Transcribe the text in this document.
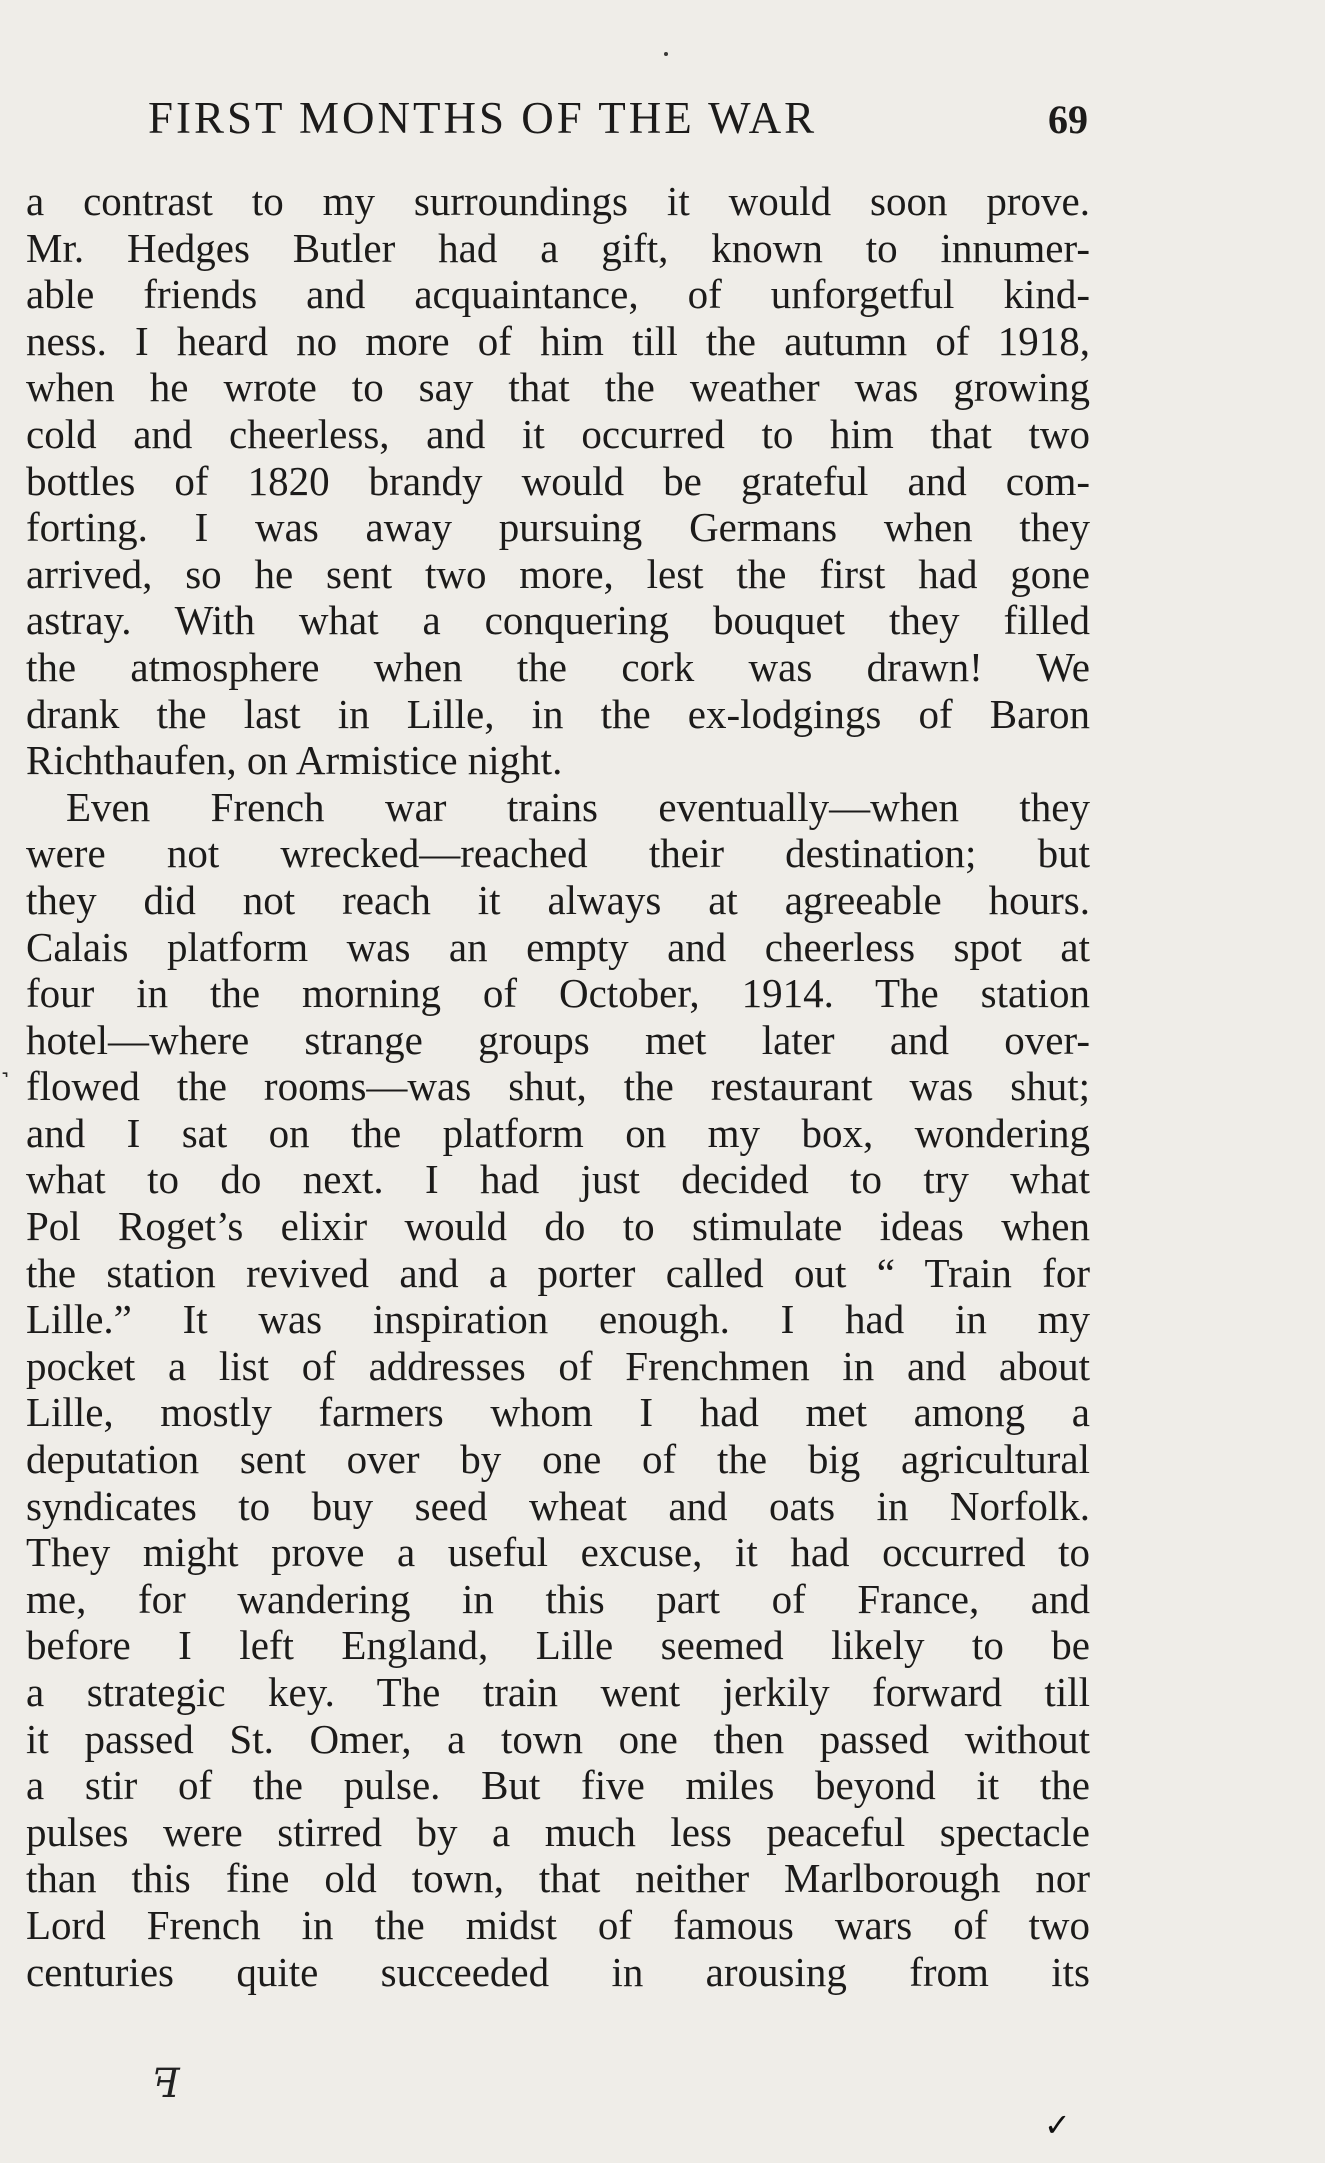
FIRST MONTHS OF THE WAR	69
˺
a contrast to my surroundings it would soon prove.
Mr. Hedges Butler had a gift, known to innumer-
able friends and acquaintance, of unforgetful kind-
ness. I heard no more of him till the autumn of 1918,
when he wrote to say that the weather was growing
cold and cheerless, and it occurred to him that two
bottles of 1820 brandy would be grateful and com-
forting. I was away pursuing Germans when they
arrived, so he sent two more, lest the first had gone
astray. With what a conquering bouquet they filled
the atmosphere when the cork was drawn! We
drank the last in Lille, in the ex-lodgings of Baron
Richthaufen, on Armistice night.
Even French war trains eventually—when they
were not wrecked—reached their destination; but
they did not reach it always at agreeable hours.
Calais platform was an empty and cheerless spot at
four in the morning of October, 1914. The station
hotel—where strange groups met later and over-
flowed the rooms—was shut, the restaurant was shut;
and I sat on the platform on my box, wondering
what to do next. I had just decided to try what
Pol Roget’s elixir would do to stimulate ideas when
the station revived and a porter called out “ Train for
Lille.” It was inspiration enough. I had in my
pocket a list of addresses of Frenchmen in and about
Lille, mostly farmers whom I had met among a
deputation sent over by one of the big agricultural
syndicates to buy seed wheat and oats in Norfolk.
They might prove a useful excuse, it had occurred to
me, for wandering in this part of France, and
before I left England, Lille seemed likely to be
a strategic key. The train went jerkily forward till
it passed St. Omer, a town one then passed without
a stir of the pulse. But five miles beyond it the
pulses were stirred by a much less peaceful spectacle
than this fine old town, that neither Marlborough nor
Lord French in the midst of famous wars of two
centuries quite succeeded in arousing from its
ꟻ
✓
